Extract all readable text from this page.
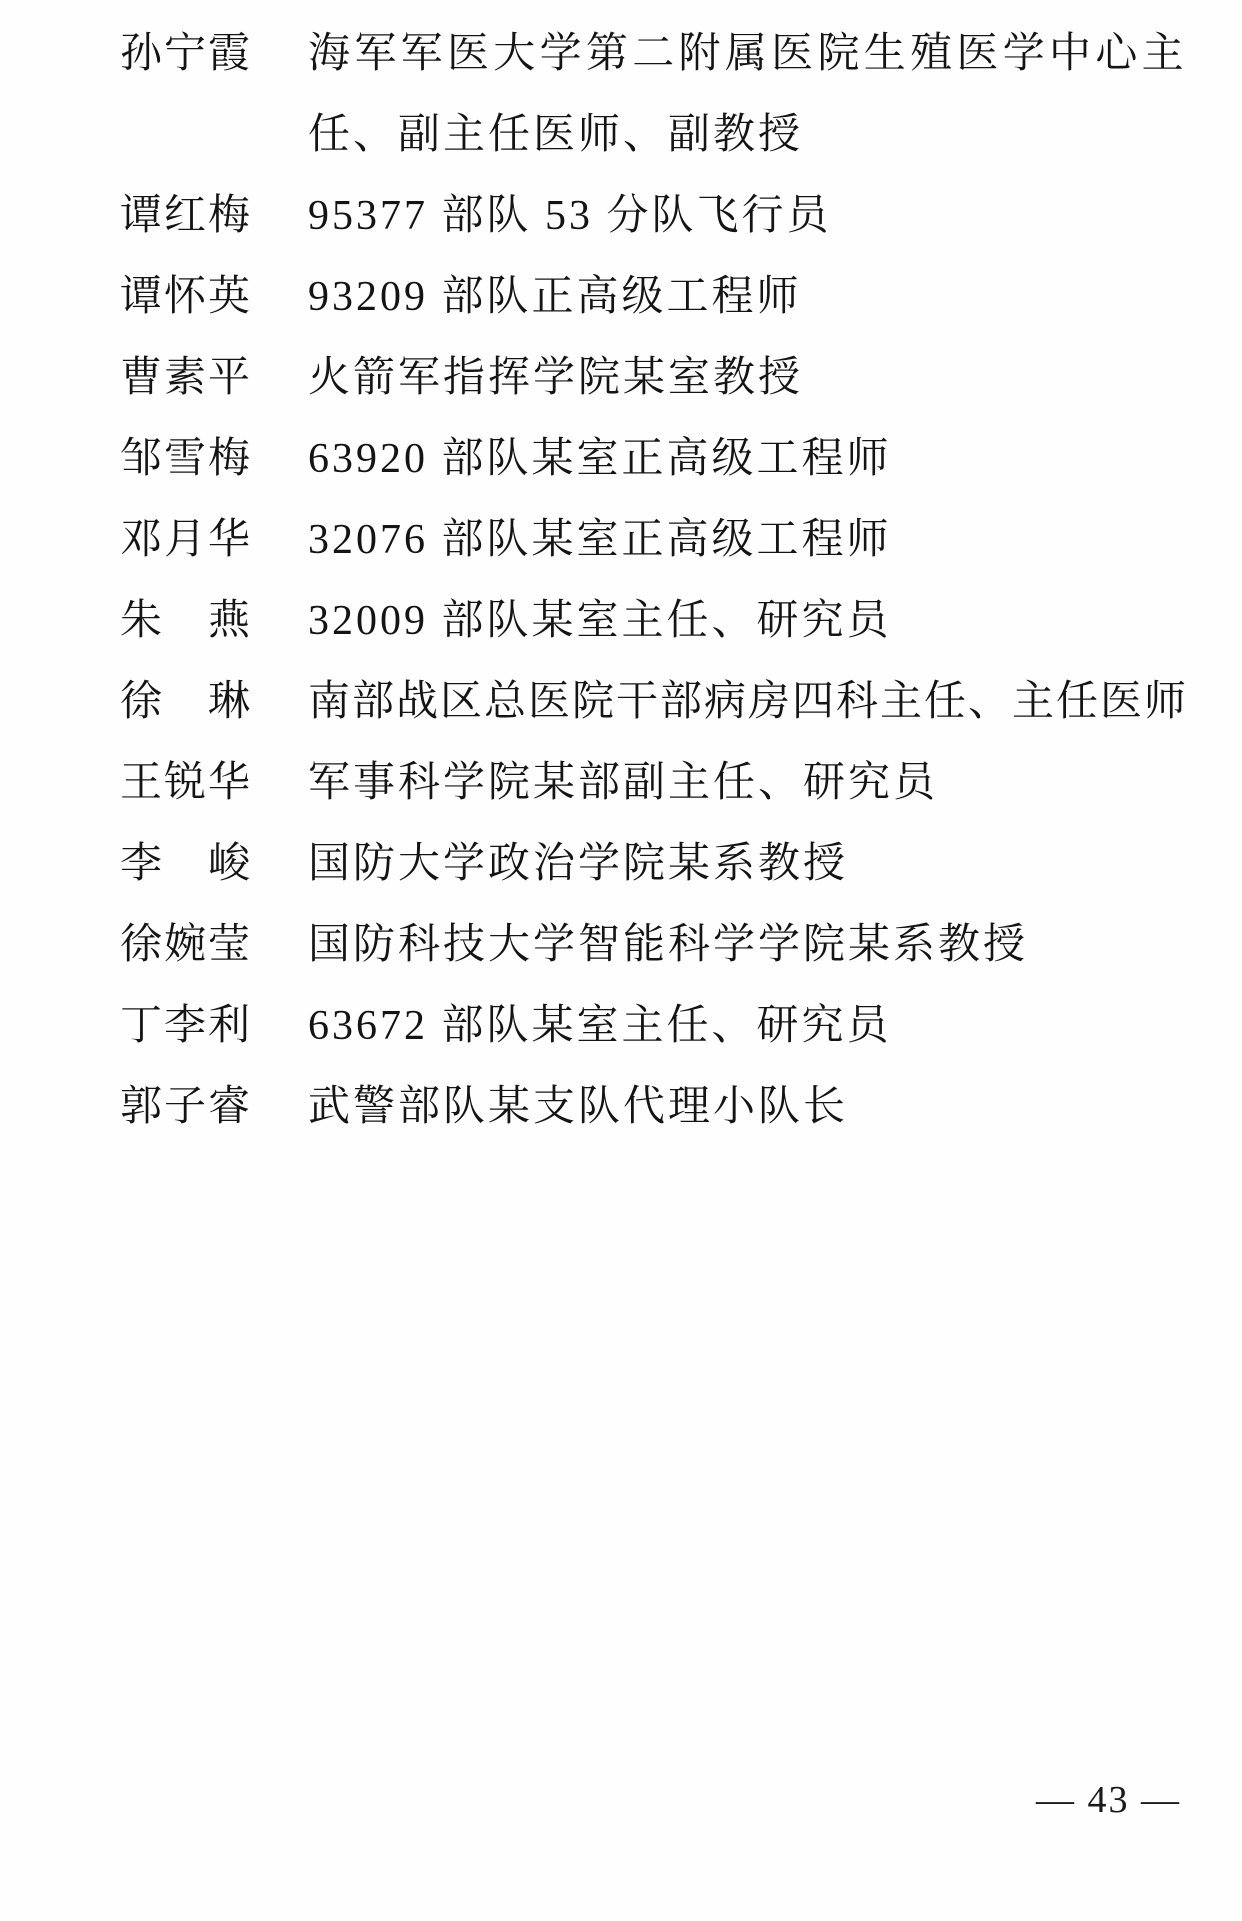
孙宁霞 海军军医大学第二附属医院生殖医学中心主
任、副主任医师、副教授
谭红梅 95377 部队 53 分队飞行员
谭怀英 93209 部队正高级工程师
曹素平 火箭军指挥学院某室教授
邹雪梅 63920 部队某室正高级工程师
邓月华 32076 部队某室正高级工程师
朱燕 32009 部队某室主任、研究员
徐琳 南部战区总医院干部病房四科主任、主任医师
王锐华 军事科学院某部副主任、研究员
李峻 国防大学政治学院某系教授
徐婉莹 国防科技大学智能科学学院某系教授
丁李利 63672 部队某室主任、研究员
郭子睿 武警部队某支队代理小队长
— 43 —
